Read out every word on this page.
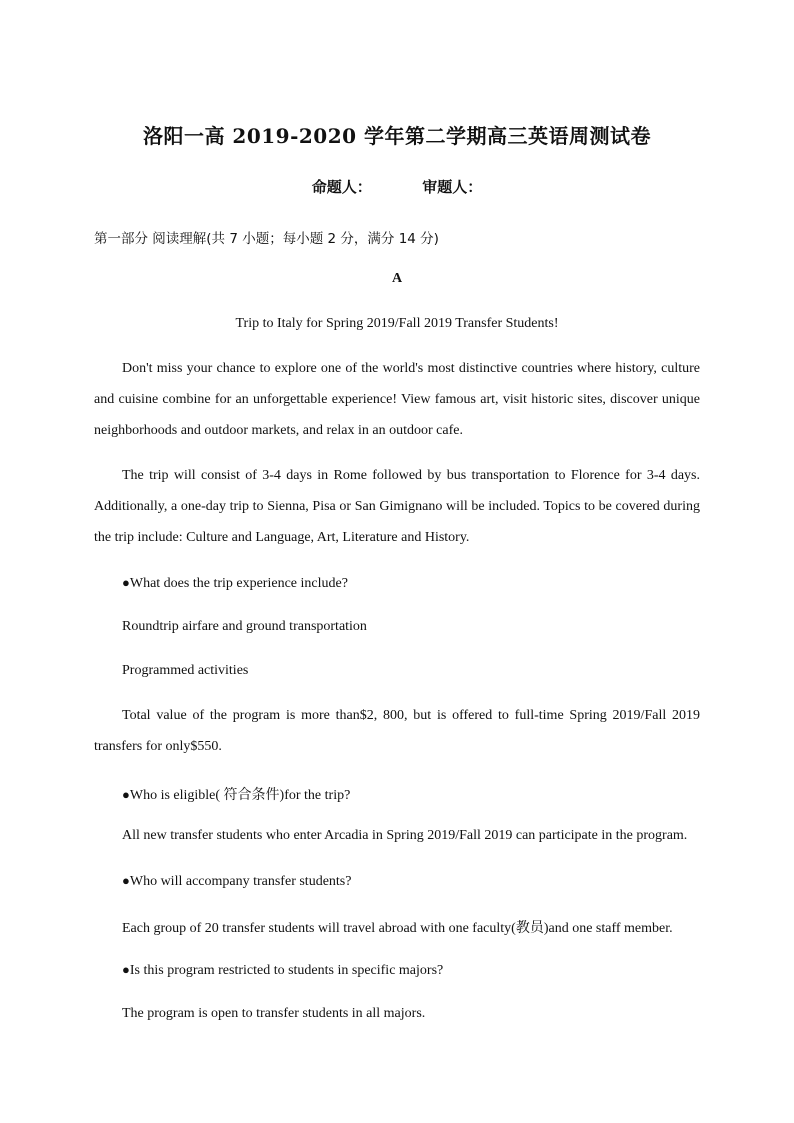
洛阳一高 2019-2020 学年第二学期高三英语周测试卷
命题人：	审题人：
第一部分 阅读理解(共 7 小题；每小题 2 分，满分 14 分)
A
Trip to Italy for Spring 2019/Fall 2019 Transfer Students!
Don't miss your chance to explore one of the world's most distinctive countries where history, culture and cuisine combine for an unforgettable experience! View famous art, visit historic sites, discover unique neighborhoods and outdoor markets, and relax in an outdoor cafe.
The trip will consist of 3-4 days in Rome followed by bus transportation to Florence for 3-4 days. Additionally, a one-day trip to Sienna, Pisa or San Gimignano will be included. Topics to be covered during the trip include: Culture and Language, Art, Literature and History.
●What does the trip experience include?
Roundtrip airfare and ground transportation
Programmed activities
Total value of the program is more than$2, 800, but is offered to full-time Spring 2019/Fall 2019 transfers for only$550.
●Who is eligible( 符合条件)for the trip?
All new transfer students who enter Arcadia in Spring 2019/Fall 2019 can participate in the program.
●Who will accompany transfer students?
Each group of 20 transfer students will travel abroad with one faculty(教员)and one staff member.
●Is this program restricted to students in specific majors?
The program is open to transfer students in all majors.
